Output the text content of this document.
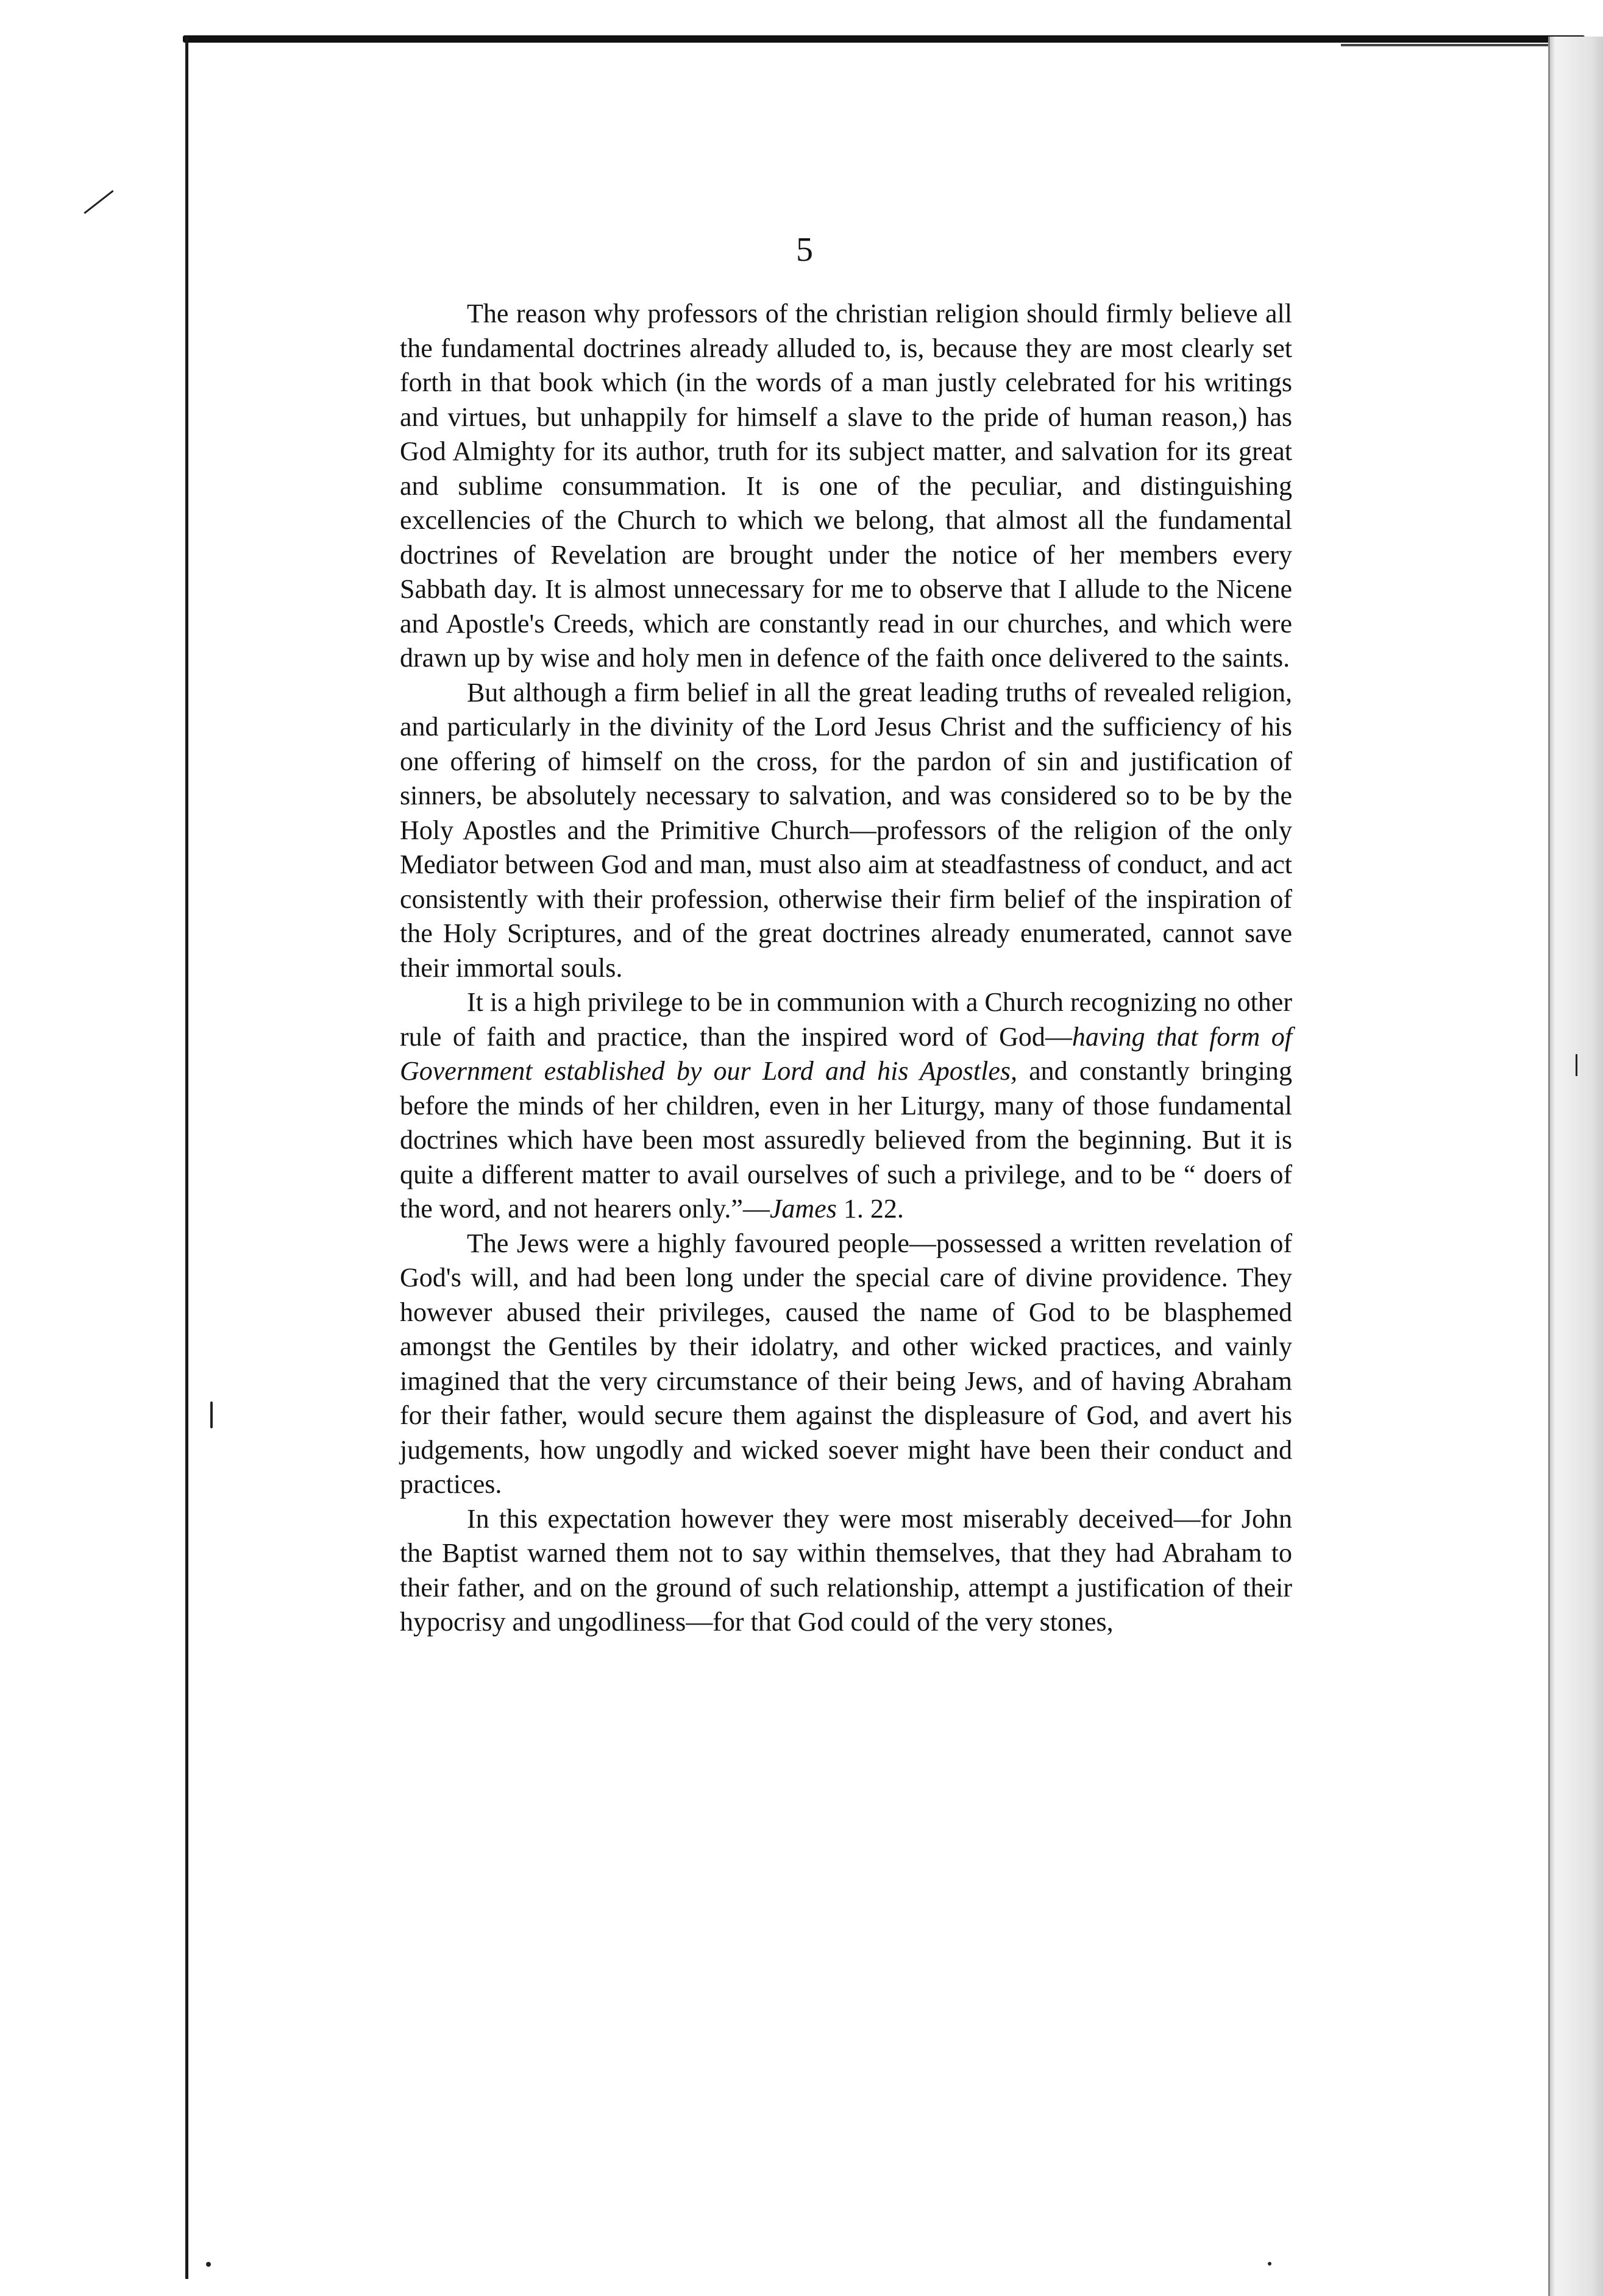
5

The reason why professors of the christian religion should firmly believe all the fundamental doctrines already alluded to, is, because they are most clearly set forth in that book which (in the words of a man justly celebrated for his writings and virtues, but unhappily for himself a slave to the pride of human reason,) has God Almighty for its author, truth for its subject matter, and salvation for its great and sublime consummation. It is one of the peculiar, and distinguishing excellencies of the Church to which we belong, that almost all the fundamental doctrines of Revelation are brought under the notice of her members every Sabbath day. It is almost unnecessary for me to observe that I allude to the Nicene and Apostle's Creeds, which are constantly read in our churches, and which were drawn up by wise and holy men in defence of the faith once delivered to the saints.

But although a firm belief in all the great leading truths of revealed religion, and particularly in the divinity of the Lord Jesus Christ and the sufficiency of his one offering of himself on the cross, for the pardon of sin and justification of sinners, be absolutely necessary to salvation, and was considered so to be by the Holy Apostles and the Primitive Church—professors of the religion of the only Mediator between God and man, must also aim at steadfastness of conduct, and act consistently with their profession, otherwise their firm belief of the inspiration of the Holy Scriptures, and of the great doctrines already enumerated, cannot save their immortal souls.

It is a high privilege to be in communion with a Church recognizing no other rule of faith and practice, than the inspired word of God—having that form of Government established by our Lord and his Apostles, and constantly bringing before the minds of her children, even in her Liturgy, many of those fundamental doctrines which have been most assuredly believed from the beginning. But it is quite a different matter to avail ourselves of such a privilege, and to be “ doers of the word, and not hearers only.”—James 1. 22.

The Jews were a highly favoured people—possessed a written revelation of God's will, and had been long under the special care of divine providence. They however abused their privileges, caused the name of God to be blasphemed amongst the Gentiles by their idolatry, and other wicked practices, and vainly imagined that the very circumstance of their being Jews, and of having Abraham for their father, would secure them against the displeasure of God, and avert his judgements, how ungodly and wicked soever might have been their conduct and practices.

In this expectation however they were most miserably deceived—for John the Baptist warned them not to say within themselves, that they had Abraham to their father, and on the ground of such relationship, attempt a justification of their hypocrisy and ungodliness—for that God could of the very stones,
